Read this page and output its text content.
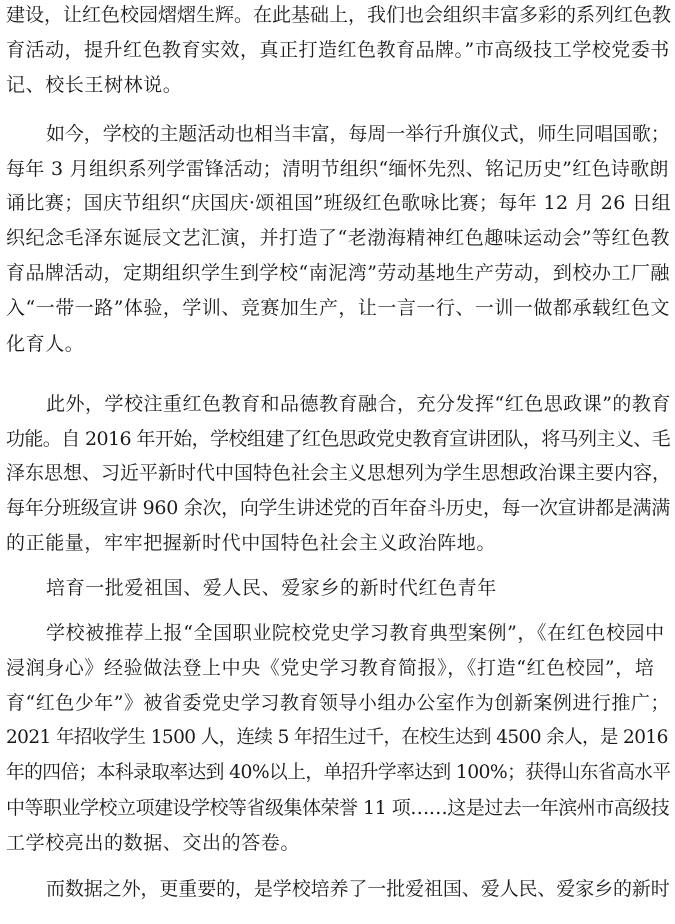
建设，让红色校园熠熠生辉。在此基础上，我们也会组织丰富多彩的系列红色教
育活动，提升红色教育实效，真正打造红色教育品牌。”市高级技工学校党委书
记、校长王树林说。
如今，学校的主题活动也相当丰富，每周一举行升旗仪式，师生同唱国歌；
每年 3 月组织系列学雷锋活动；清明节组织“缅怀先烈、铭记历史”红色诗歌朗
诵比赛；国庆节组织“庆国庆·颂祖国”班级红色歌咏比赛；每年 12 月 26 日组
织纪念毛泽东诞辰文艺汇演，并打造了“老渤海精神红色趣味运动会”等红色教
育品牌活动，定期组织学生到学校“南泥湾”劳动基地生产劳动，到校办工厂融
入“一带一路”体验，学训、竞赛加生产，让一言一行、一训一做都承载红色文
化育人。
此外，学校注重红色教育和品德教育融合，充分发挥“红色思政课”的教育
功能。自 2016 年开始，学校组建了红色思政党史教育宣讲团队，将马列主义、毛
泽东思想、习近平新时代中国特色社会主义思想列为学生思想政治课主要内容，
每年分班级宣讲 960 余次，向学生讲述党的百年奋斗历史，每一次宣讲都是满满
的正能量，牢牢把握新时代中国特色社会主义政治阵地。
培育一批爱祖国、爱人民、爱家乡的新时代红色青年
学校被推荐上报“全国职业院校党史学习教育典型案例”，《在红色校园中
浸润身心》经验做法登上中央《党史学习教育简报》，《打造“红色校园”，培
育“红色少年”》被省委党史学习教育领导小组办公室作为创新案例进行推广；
2021 年招收学生 1500 人，连续 5 年招生过千，在校生达到 4500 余人，是 2016
年的四倍；本科录取率达到 40%以上，单招升学率达到 100%；获得山东省高水平
中等职业学校立项建设学校等省级集体荣誉 11 项……这是过去一年滨州市高级技
工学校亮出的数据、交出的答卷。
而数据之外，更重要的，是学校培养了一批爱祖国、爱人民、爱家乡的新时
